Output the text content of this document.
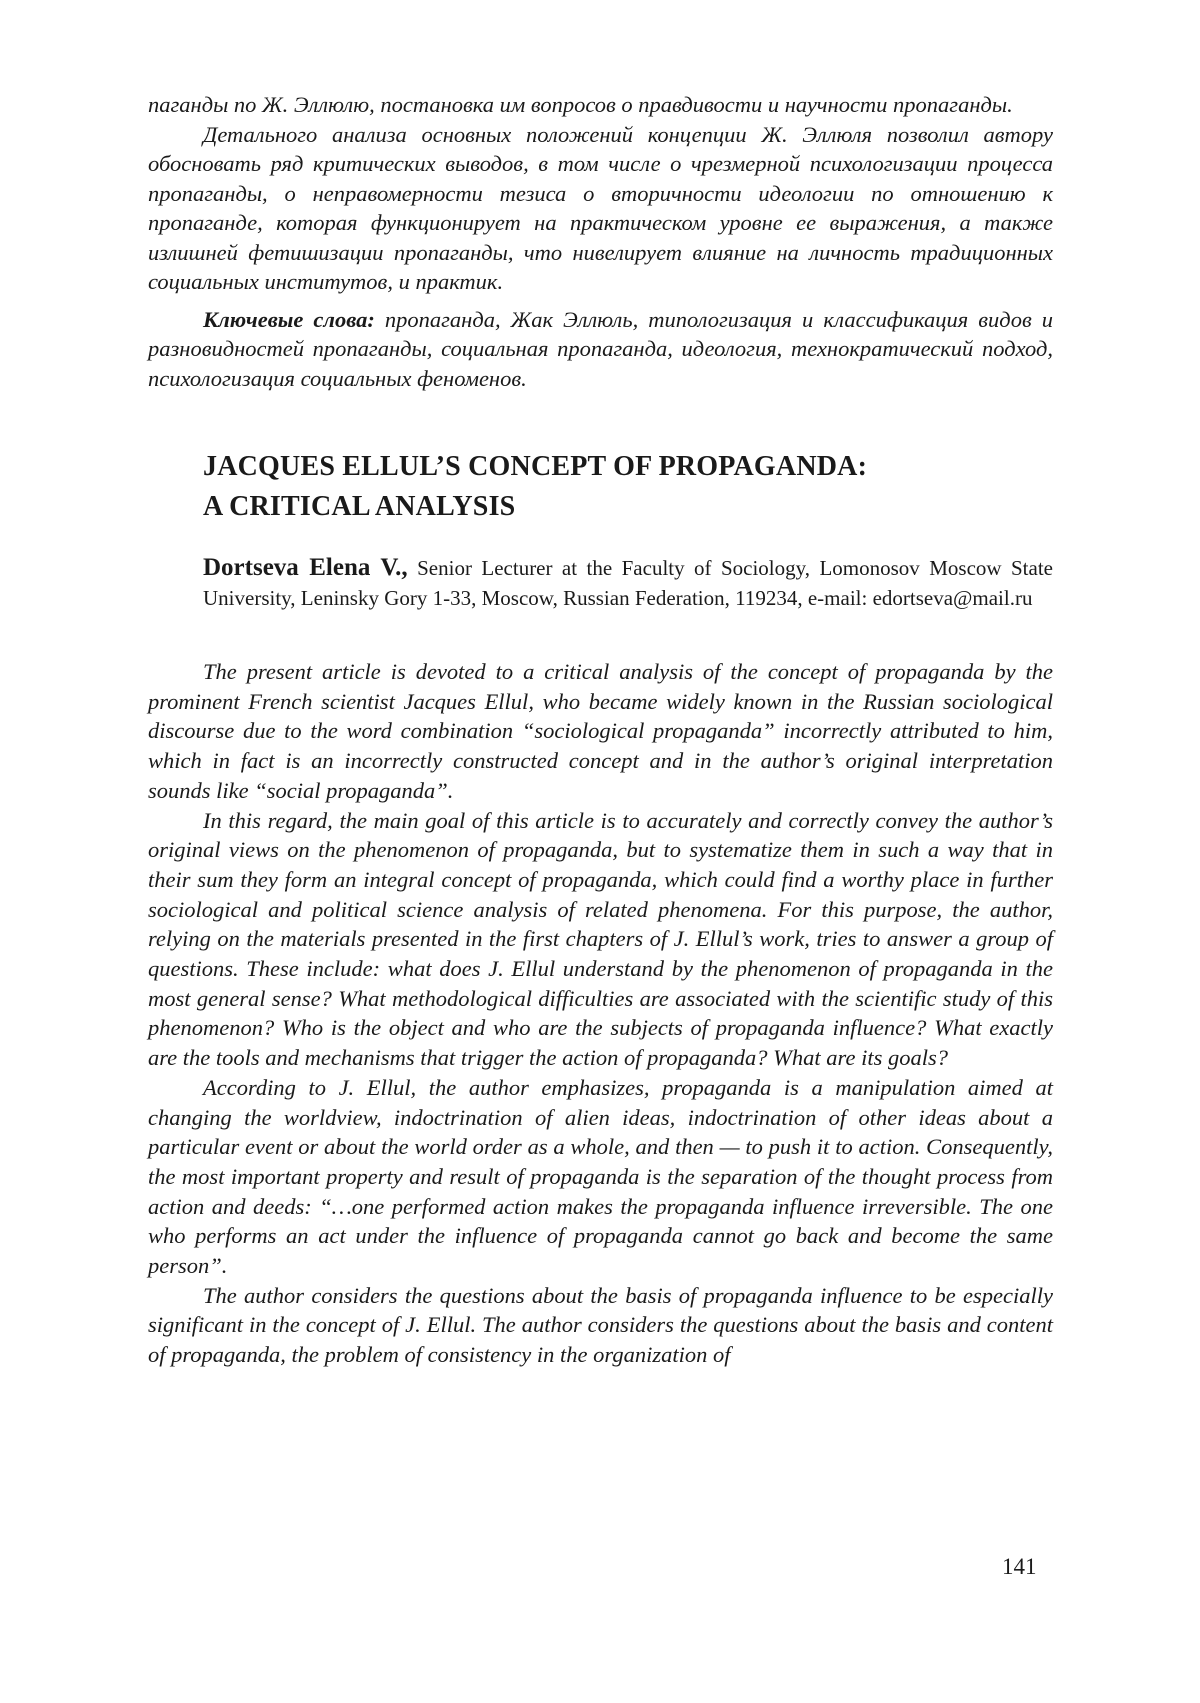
паганды по Ж. Эллюлю, постановка им вопросов о правдивости и научности пропаганды.

Детального анализа основных положений концепции Ж. Эллюля позволил автору обосновать ряд критических выводов, в том числе о чрезмерной психологизации процесса пропаганды, о неправомерности тезиса о вторичности идеологии по отношению к пропаганде, которая функционирует на практическом уровне ее выражения, а также излишней фетишизации пропаганды, что нивелирует влияние на личность традиционных социальных институтов, и практик.

Ключевые слова: пропаганда, Жак Эллюль, типологизация и классификация видов и разновидностей пропаганды, социальная пропаганда, идеология, технократический подход, психологизация социальных феноменов.

JACQUES ELLUL’S CONCEPT OF PROPAGANDA:
A CRITICAL ANALYSIS

Dortseva Elena V., Senior Lecturer at the Faculty of Sociology, Lomonosov Moscow State University, Leninsky Gory 1-33, Moscow, Russian Federation, 119234, e-mail: edortseva@mail.ru

The present article is devoted to a critical analysis of the concept of propaganda by the prominent French scientist Jacques Ellul, who became widely known in the Russian sociological discourse due to the word combination “sociological propaganda” incorrectly attributed to him, which in fact is an incorrectly constructed concept and in the author’s original interpretation sounds like “social propaganda”.

In this regard, the main goal of this article is to accurately and correctly convey the author’s original views on the phenomenon of propaganda, but to systematize them in such a way that in their sum they form an integral concept of propaganda, which could find a worthy place in further sociological and political science analysis of related phenomena. For this purpose, the author, relying on the materials presented in the first chapters of J. Ellul’s work, tries to answer a group of questions. These include: what does J. Ellul understand by the phenomenon of propaganda in the most general sense? What methodological difficulties are associated with the scientific study of this phenomenon? Who is the object and who are the subjects of propaganda influence? What exactly are the tools and mechanisms that trigger the action of propaganda? What are its goals?

According to J. Ellul, the author emphasizes, propaganda is a manipulation aimed at changing the worldview, indoctrination of alien ideas, indoctrination of other ideas about a particular event or about the world order as a whole, and then — to push it to action. Consequently, the most important property and result of propaganda is the separation of the thought process from action and deeds: “…one performed action makes the propaganda influence irreversible. The one who performs an act under the influence of propaganda cannot go back and become the same person”.

The author considers the questions about the basis of propaganda influence to be especially significant in the concept of J. Ellul. The author considers the questions about the basis and content of propaganda, the problem of consistency in the organization of

141
